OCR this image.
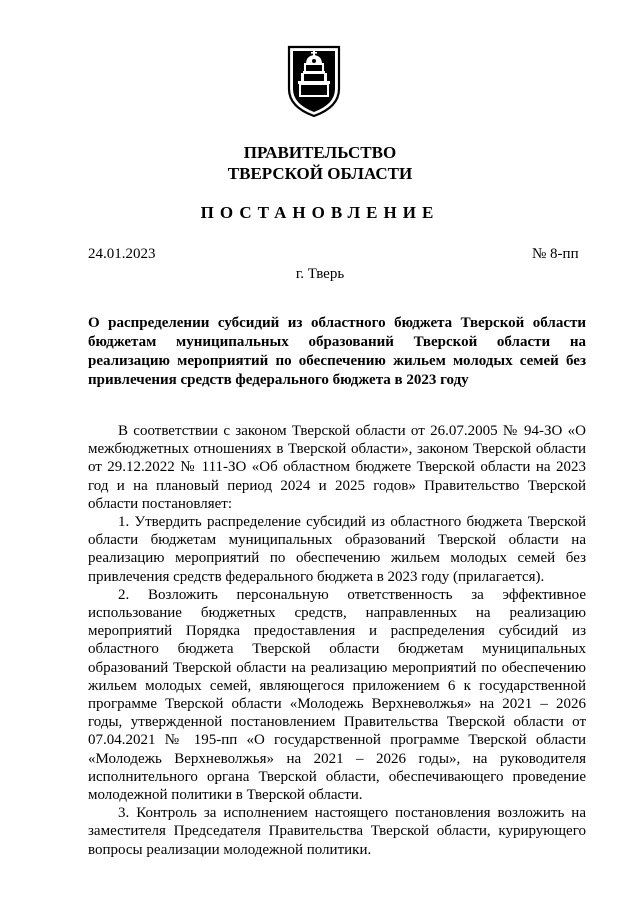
ПРАВИТЕЛЬСТВО
ТВЕРСКОЙ ОБЛАСТИ
ПОСТАНОВЛЕНИЕ
24.01.2023	№ 8-пп
г. Тверь
О распределении субсидий из областного бюджета Тверской области бюджетам муниципальных образований Тверской области на реализацию мероприятий по обеспечению жильем молодых семей без привлечения средств федерального бюджета в 2023 году

В соответствии с законом Тверской области от 26.07.2005 № 94-ЗО «О межбюджетных отношениях в Тверской области», законом Тверской области от 29.12.2022 № 111-ЗО «Об областном бюджете Тверской области на 2023 год и на плановый период 2024 и 2025 годов» Правительство Тверской области постановляет:

1. Утвердить распределение субсидий из областного бюджета Тверской области бюджетам муниципальных образований Тверской области на реализацию мероприятий по обеспечению жильем молодых семей без привлечения средств федерального бюджета в 2023 году (прилагается).

2. Возложить персональную ответственность за эффективное использование бюджетных средств, направленных на реализацию мероприятий Порядка предоставления и распределения субсидий из областного бюджета Тверской области бюджетам муниципальных образований Тверской области на реализацию мероприятий по обеспечению жильем молодых семей, являющегося приложением 6 к государственной программе Тверской области «Молодежь Верхневолжья» на 2021 – 2026 годы, утвержденной постановлением Правительства Тверской области от 07.04.2021 № 195-пп «О государственной программе Тверской области «Молодежь Верхневолжья» на 2021 – 2026 годы», на руководителя исполнительного органа Тверской области, обеспечивающего проведение молодежной политики в Тверской области.

3. Контроль за исполнением настоящего постановления возложить на заместителя Председателя Правительства Тверской области, курирующего вопросы реализации молодежной политики.
